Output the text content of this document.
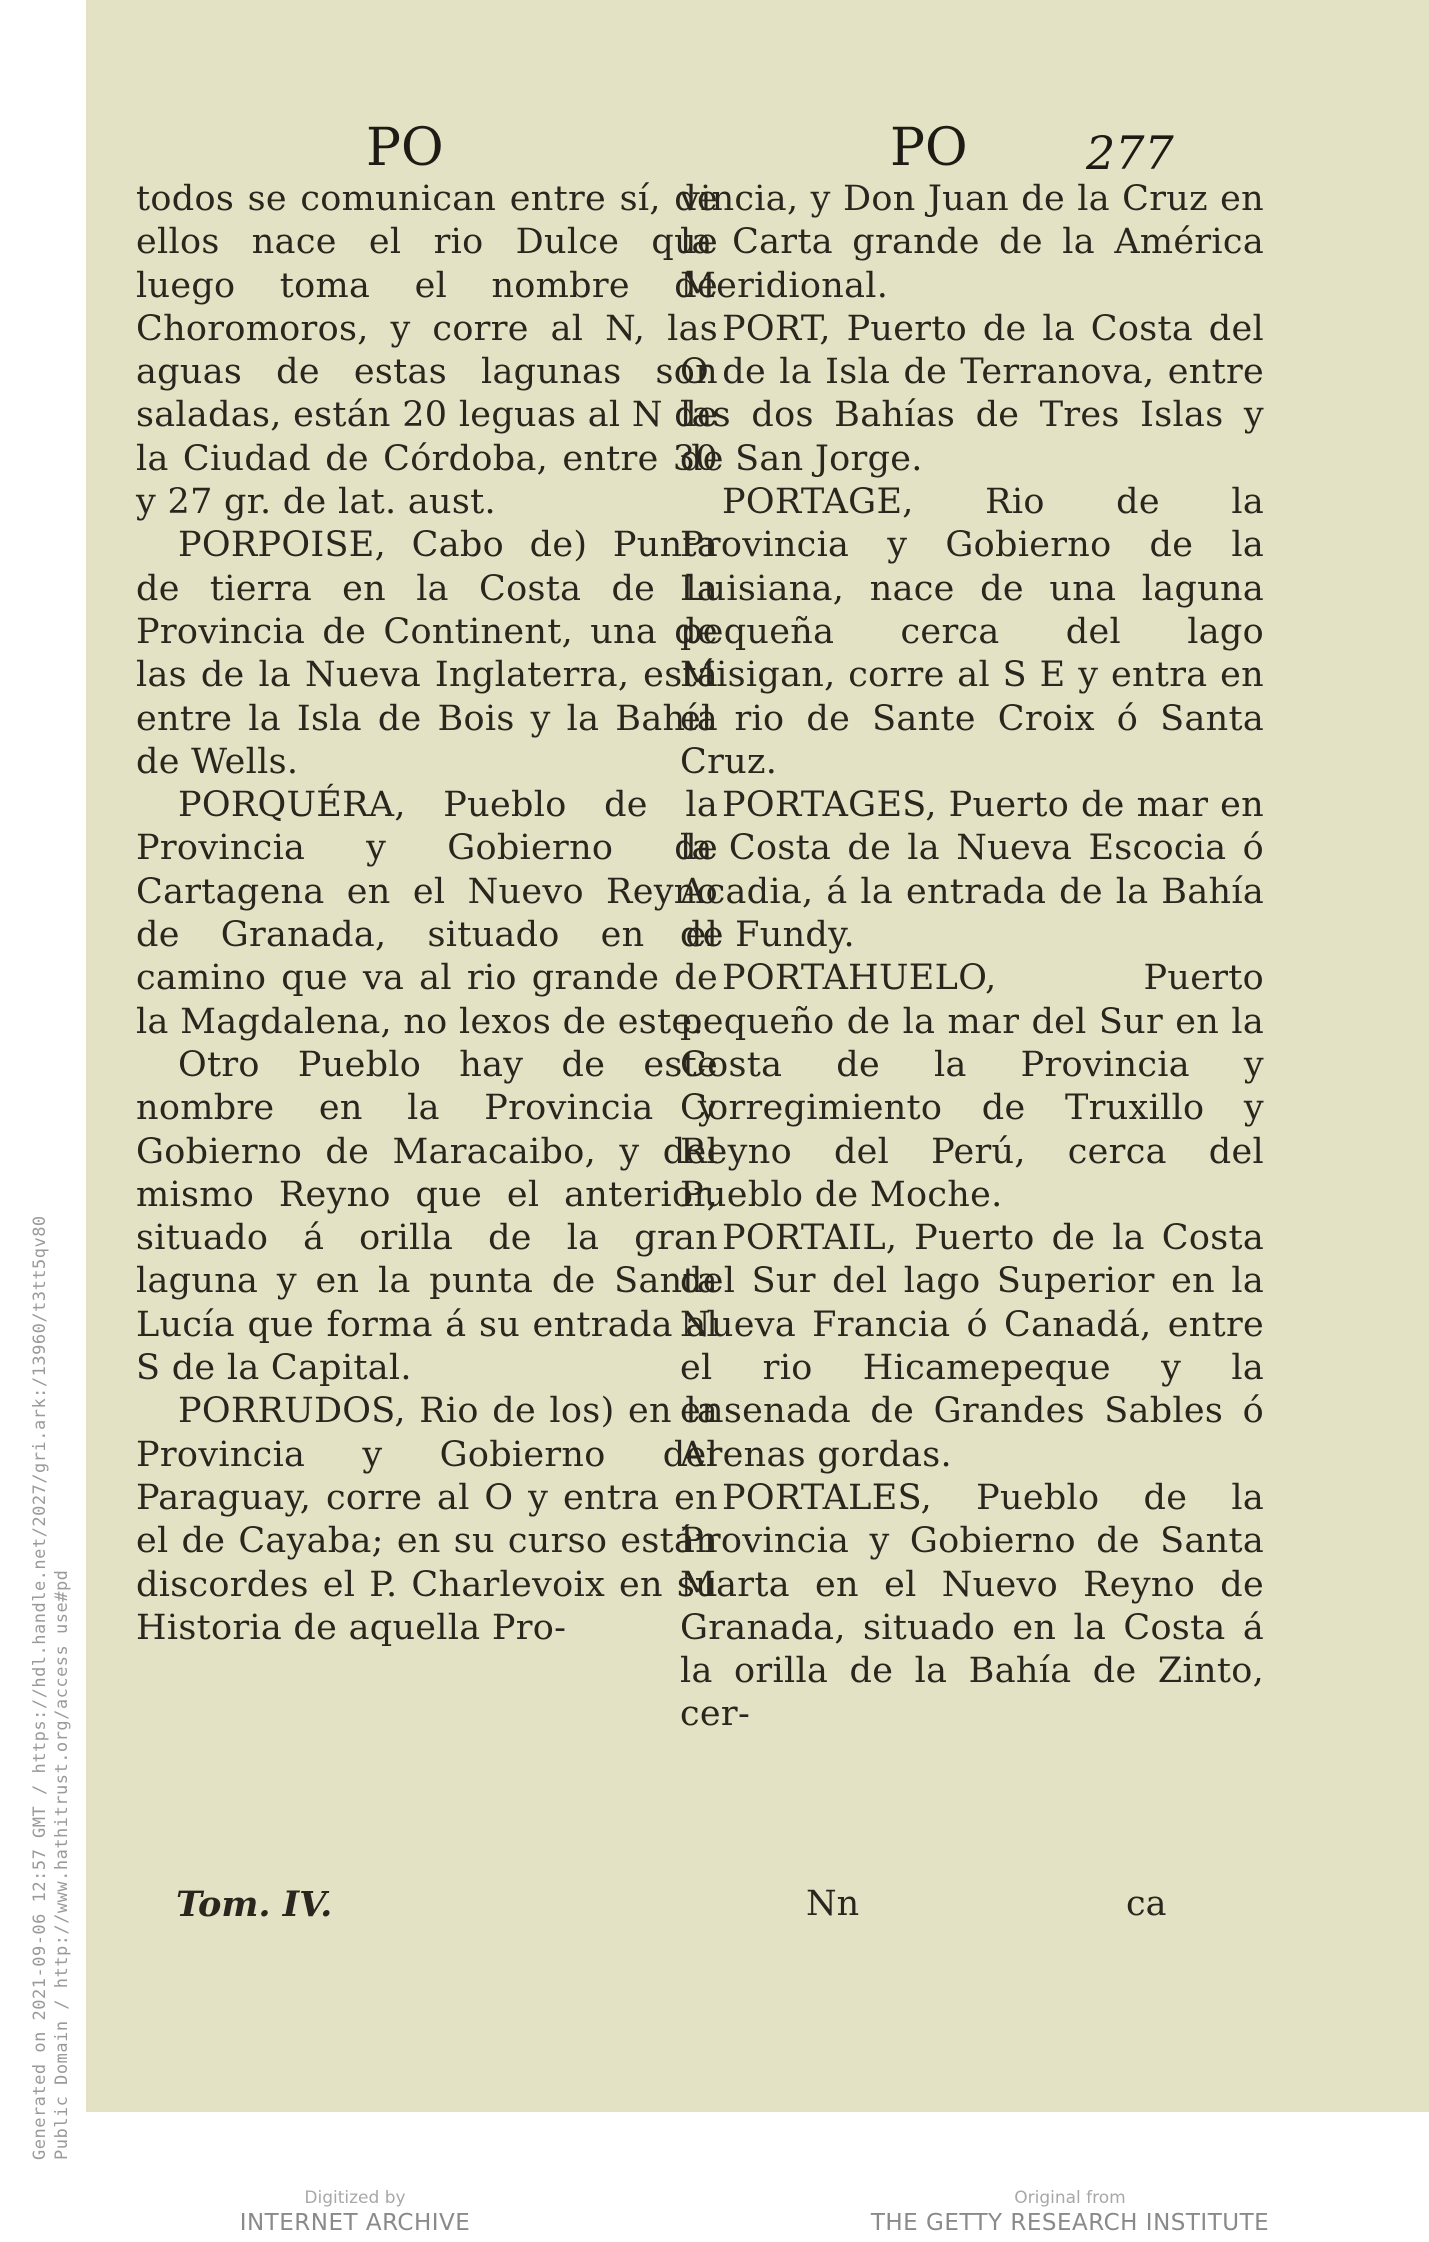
Generated on 2021-09-06 12:57 GMT / https://hdl.handle.net/2027/gri.ark:/13960/t3tt5qv80 Public Domain / http://www.hathitrust.org/access use#pd
PO	PO	277

todos se comunican entre sí, de ellos nace el rio Dulce que luego toma el nombre de Choromoros, y corre al N, las aguas de estas lagunas son saladas, están 20 leguas al N de la Ciudad de Córdoba, entre 30 y 27 gr. de lat. aust.

PORPOISE, Cabo de) Punta de tierra en la Costa de la Provincia de Continent, una de las de la Nueva Inglaterra, está entre la Isla de Bois y la Bahía de Wells.

PORQUÉRA, Pueblo de la Provincia y Gobierno de Cartagena en el Nuevo Reyno de Granada, situado en el camino que va al rio grande de la Magdalena, no lexos de este.

Otro Pueblo hay de este nombre en la Provincia y Gobierno de Maracaibo, y del mismo Reyno que el anterior, situado á orilla de la gran laguna y en la punta de Santa Lucía que forma á su entrada al S de la Capital.

PORRUDOS, Rio de los) en la Provincia y Gobierno del Paraguay, corre al O y entra en el de Cayaba; en su curso están discordes el P. Charlevoix en su Historia de aquella Pro-

vincia, y Don Juan de la Cruz en la Carta grande de la América Meridional.

PORT, Puerto de la Costa del O de la Isla de Terranova, entre las dos Bahías de Tres Islas y de San Jorge.

PORTAGE, Rio de la Provincia y Gobierno de la Luisiana, nace de una laguna pequeña cerca del lago Misigan, corre al S E y entra en el rio de Sante Croix ó Santa Cruz.

PORTAGES, Puerto de mar en la Costa de la Nueva Escocia ó Acadia, á la entrada de la Bahía de Fundy.

PORTAHUELO, Puerto pequeño de la mar del Sur en la Costa de la Provincia y Corregimiento de Truxillo y Reyno del Perú, cerca del Pueblo de Moche.

PORTAIL, Puerto de la Costa del Sur del lago Superior en la Nueva Francia ó Canadá, entre el rio Hicamepeque y la ensenada de Grandes Sables ó Arenas gordas.

PORTALES, Pueblo de la Provincia y Gobierno de Santa Marta en el Nuevo Reyno de Granada, situado en la Costa á la orilla de la Bahía de Zinto, cer-

Tom. IV.	Nn	ca
Digitized by
INTERNET ARCHIVE
Original from
THE GETTY RESEARCH INSTITUTE
